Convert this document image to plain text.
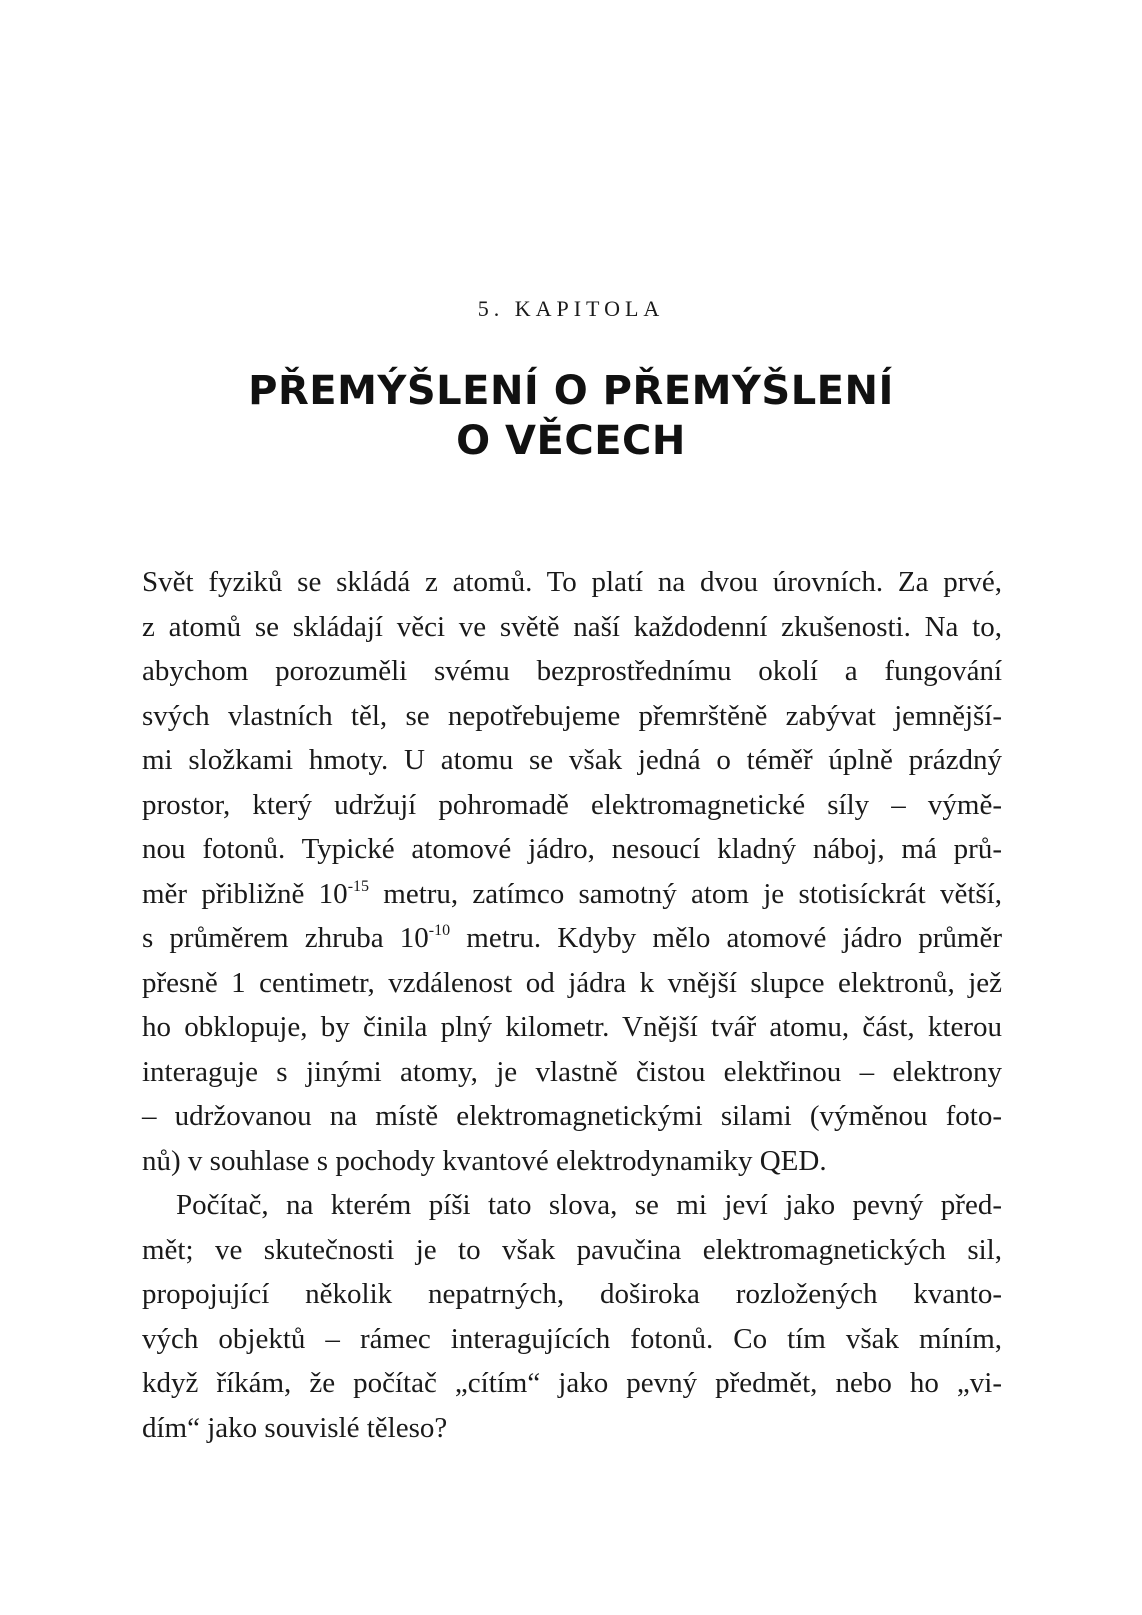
5. KAPITOLA
PŘEMÝŠLENÍ O PŘEMÝŠLENÍ
O VĚCECH
Svět fyziků se skládá z atomů. To platí na dvou úrovních. Za prvé,
z atomů se skládají věci ve světě naší každodenní zkušenosti. Na to,
abychom porozuměli svému bezprostřednímu okolí a fungování
svých vlastních těl, se nepotřebujeme přemrštěně zabývat jemnější-
mi složkami hmoty. U atomu se však jedná o téměř úplně prázdný
prostor, který udržují pohromadě elektromagnetické síly – výmě-
nou fotonů. Typické atomové jádro, nesoucí kladný náboj, má prů-
měr přibližně $10^{-15}$ metru, zatímco samotný atom je stotisíckrát větší,
s průměrem zhruba $10^{-10}$ metru. Kdyby mělo atomové jádro průměr
přesně 1 centimetr, vzdálenost od jádra k vnější slupce elektronů, jež
ho obklopuje, by činila plný kilometr. Vnější tvář atomu, část, kterou
interaguje s jinými atomy, je vlastně čistou elektřinou – elektrony
– udržovanou na místě elektromagnetickými silami (výměnou foto-
nů) v souhlase s pochody kvantové elektrodynamiky QED.
Počítač, na kterém píši tato slova, se mi jeví jako pevný před-
mět; ve skutečnosti je to však pavučina elektromagnetických sil,
propojující několik nepatrných, doširoka rozložených kvanto-
vých objektů – rámec interagujících fotonů. Co tím však míním,
když říkám, že počítač „cítím“ jako pevný předmět, nebo ho „vi-
dím“ jako souvislé těleso?
